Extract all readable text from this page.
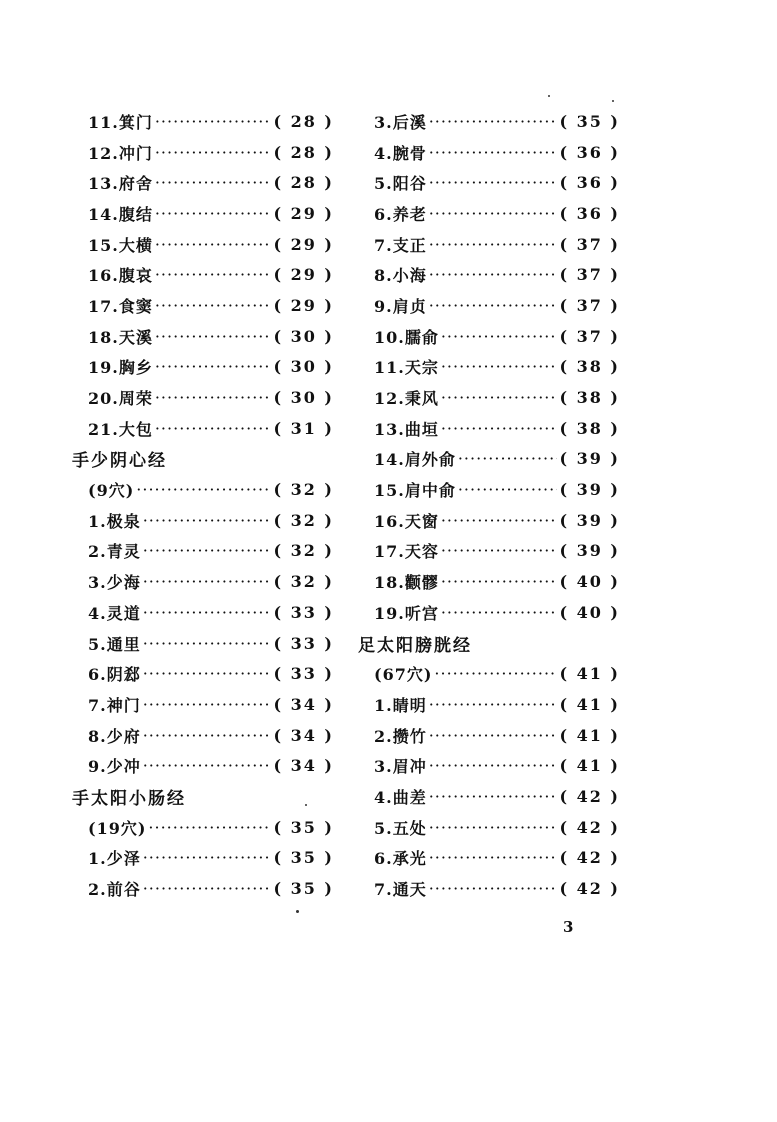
11.箕门 ·····	( 28 )
12.冲门 ·····	( 28 )
13.府舍 ·····	( 28 )
14.腹结 ·····	( 29 )
15.大横 ·····	( 29 )
16.腹哀 ·····	( 29 )
17.食窦 ·····	( 29 )
18.天溪 ·····	( 30 )
19.胸乡 ·····	( 30 )
20.周荣 ·····	( 30 )
21.大包 ·····	( 31 )
手少阴心经
(9穴) ·····	( 32 )
1.极泉 ·····	( 32 )
2.青灵 ·····	( 32 )
3.少海 ·····	( 32 )
4.灵道 ·····	( 33 )
5.通里 ·····	( 33 )
6.阴郄 ·····	( 33 )
7.神门 ·····	( 34 )
8.少府 ·····	( 34 )
9.少冲 ·····	( 34 )
手太阳小肠经
(19穴) ·····	( 35 )
1.少泽 ·····	( 35 )
2.前谷 ·····	( 35 )
3.后溪 ·····	( 35 )
4.腕骨 ·····	( 36 )
5.阳谷 ·····	( 36 )
6.养老 ·····	( 36 )
7.支正 ·····	( 37 )
8.小海 ·····	( 37 )
9.肩贞 ·····	( 37 )
10.臑俞 ·····	( 37 )
11.天宗 ·····	( 38 )
12.秉风 ·····	( 38 )
13.曲垣 ·····	( 38 )
14.肩外俞 ·····	( 39 )
15.肩中俞 ·····	( 39 )
16.天窗 ·····	( 39 )
17.天容 ·····	( 39 )
18.颧髎 ·····	( 40 )
19.听宫 ·····	( 40 )
足太阳膀胱经
(67穴) ·····	( 41 )
1.睛明 ·····	( 41 )
2.攒竹 ·····	( 41 )
3.眉冲 ·····	( 41 )
4.曲差 ·····	( 42 )
5.五处 ·····	( 42 )
6.承光 ·····	( 42 )
7.通天 ·····	( 42 )
3
